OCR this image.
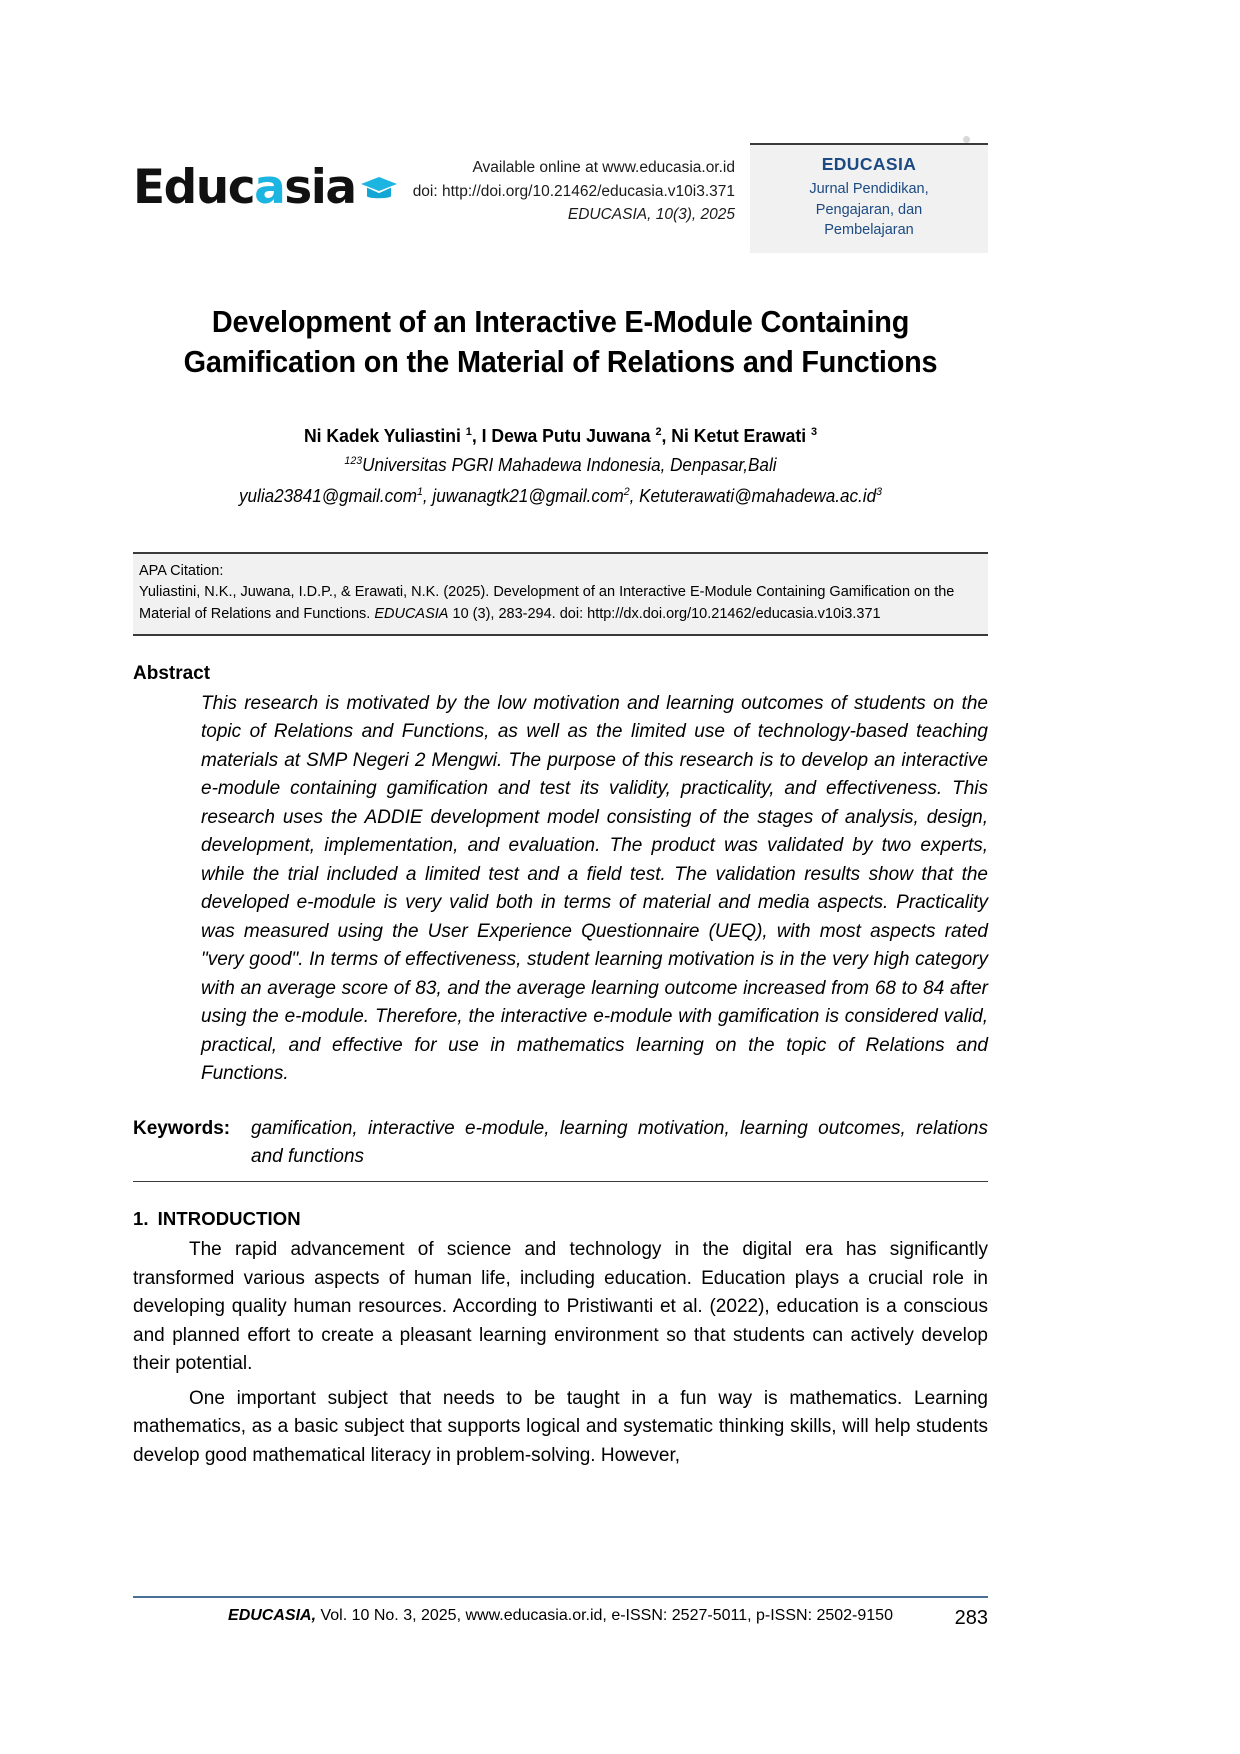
Educasia	Available online at www.educasia.or.id
doi: http://doi.org/10.21462/educasia.v10i3.371
EDUCASIA, 10(3), 2025
EDUCASIA
Jurnal Pendidikan,
Pengajaran, dan
Pembelajaran
Development of an Interactive E-Module Containing Gamification on the Material of Relations and Functions
Ni Kadek Yuliastini $^1$, I Dewa Putu Juwana $^2$, Ni Ketut Erawati $^3$
$^{123}$Universitas PGRI Mahadewa Indonesia, Denpasar,Bali
yulia23841@gmail.com$^1$, juwanagtk21@gmail.com$^2$, $Ketuterawati@mahadewa.ac.id^3$
APA Citation:
Yuliastini, N.K., Juwana, I.D.P., & Erawati, N.K. (2025). Development of an Interactive E-Module Containing Gamification on the Material of Relations and Functions. EDUCASIA 10 (3), 283-294. doi: http://dx.doi.org/10.21462/educasia.v10i3.371
Abstract
This research is motivated by the low motivation and learning outcomes of students on the topic of Relations and Functions, as well as the limited use of technology-based teaching materials at SMP Negeri 2 Mengwi. The purpose of this research is to develop an interactive e-module containing gamification and test its validity, practicality, and effectiveness. This research uses the ADDIE development model consisting of the stages of analysis, design, development, implementation, and evaluation. The product was validated by two experts, while the trial included a limited test and a field test. The validation results show that the developed e-module is very valid both in terms of material and media aspects. Practicality was measured using the User Experience Questionnaire (UEQ), with most aspects rated "very good". In terms of effectiveness, student learning motivation is in the very high category with an average score of 83, and the average learning outcome increased from 68 to 84 after using the e-module. Therefore, the interactive e-module with gamification is considered valid, practical, and effective for use in mathematics learning on the topic of Relations and Functions.
Keywords:	gamification, interactive e-module, learning motivation, learning outcomes, relations and functions
1. INTRODUCTION
The rapid advancement of science and technology in the digital era has significantly transformed various aspects of human life, including education. Education plays a crucial role in developing quality human resources. According to Pristiwanti et al. (2022), education is a conscious and planned effort to create a pleasant learning environment so that students can actively develop their potential.
One important subject that needs to be taught in a fun way is mathematics. Learning mathematics, as a basic subject that supports logical and systematic thinking skills, will help students develop good mathematical literacy in problem-solving. However,
EDUCASIA, Vol. 10 No. 3, 2025, www.educasia.or.id, e-ISSN: 2527-5011, p-ISSN: 2502-9150	283
